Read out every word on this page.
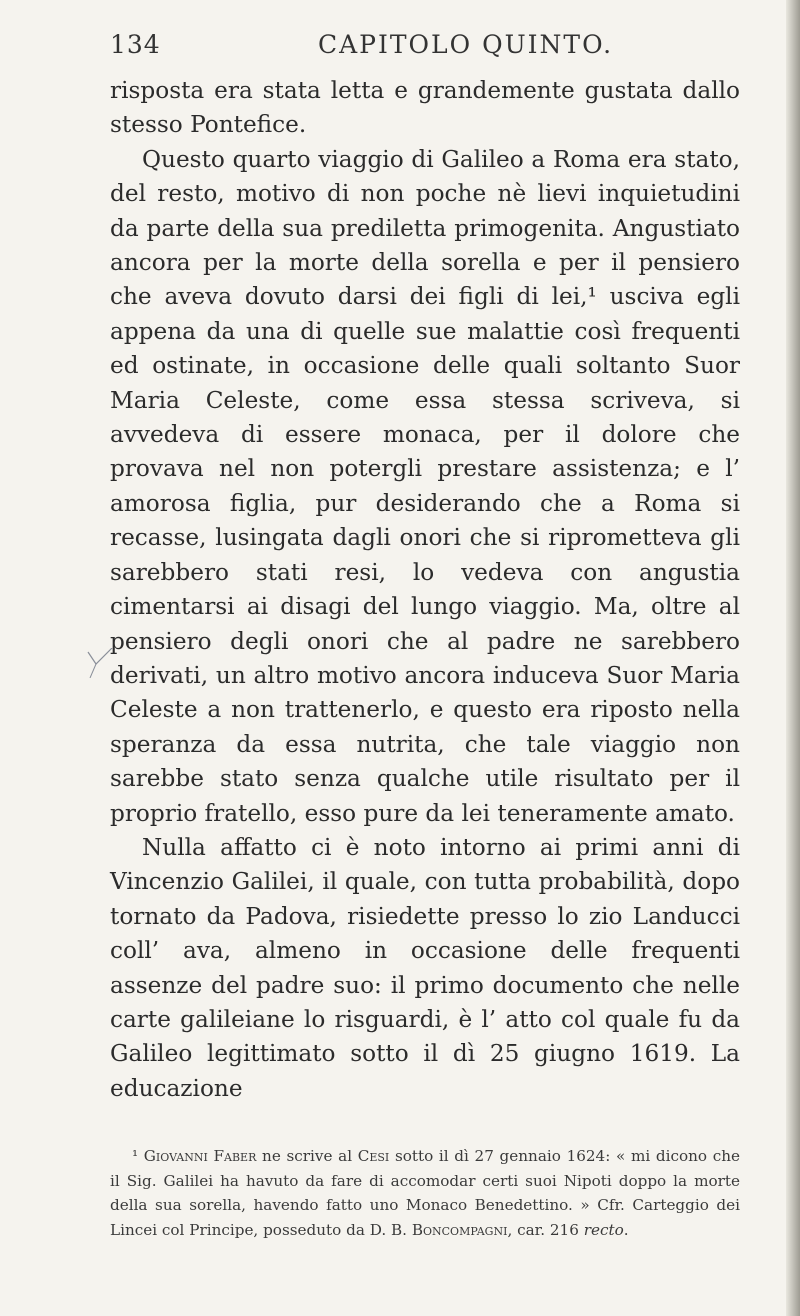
134	CAPITOLO QUINTO.

risposta era stata letta e grandemente gustata dallo stesso Pontefice.

Questo quarto viaggio di Galileo a Roma era stato, del resto, motivo di non poche nè lievi inquietudini da parte della sua prediletta primogenita. Angustiato ancora per la morte della sorella e per il pensiero che aveva dovuto darsi dei figli di lei,¹ usciva egli appena da una di quelle sue malattie così frequenti ed ostinate, in occasione delle quali soltanto Suor Maria Celeste, come essa stessa scriveva, si avvedeva di essere monaca, per il dolore che provava nel non potergli prestare assistenza; e l’ amorosa figlia, pur desiderando che a Roma si recasse, lusingata dagli onori che si riprometteva gli sarebbero stati resi, lo vedeva con angustia cimentarsi ai disagi del lungo viaggio. Ma, oltre al pensiero degli onori che al padre ne sarebbero derivati, un altro motivo ancora induceva Suor Maria Celeste a non trattenerlo, e questo era riposto nella speranza da essa nutrita, che tale viaggio non sarebbe stato senza qualche utile risultato per il proprio fratello, esso pure da lei teneramente amato.

Nulla affatto ci è noto intorno ai primi anni di Vincenzio Galilei, il quale, con tutta probabilità, dopo tornato da Padova, risiedette presso lo zio Landucci coll’ ava, almeno in occasione delle frequenti assenze del padre suo: il primo documento che nelle carte galileiane lo risguardi, è l’ atto col quale fu da Galileo legittimato sotto il dì 25 giugno 1619. La educazione

¹ Giovanni Faber ne scrive al Cesi sotto il dì 27 gennaio 1624: « mi dicono che il Sig. Galilei ha havuto da fare di accomodar certi suoi Nipoti doppo la morte della sua sorella, havendo fatto uno Monaco Benedettino. » Cfr. Carteggio dei Lincei col Principe, posseduto da D. B. Boncompagni, car. 216 recto.
